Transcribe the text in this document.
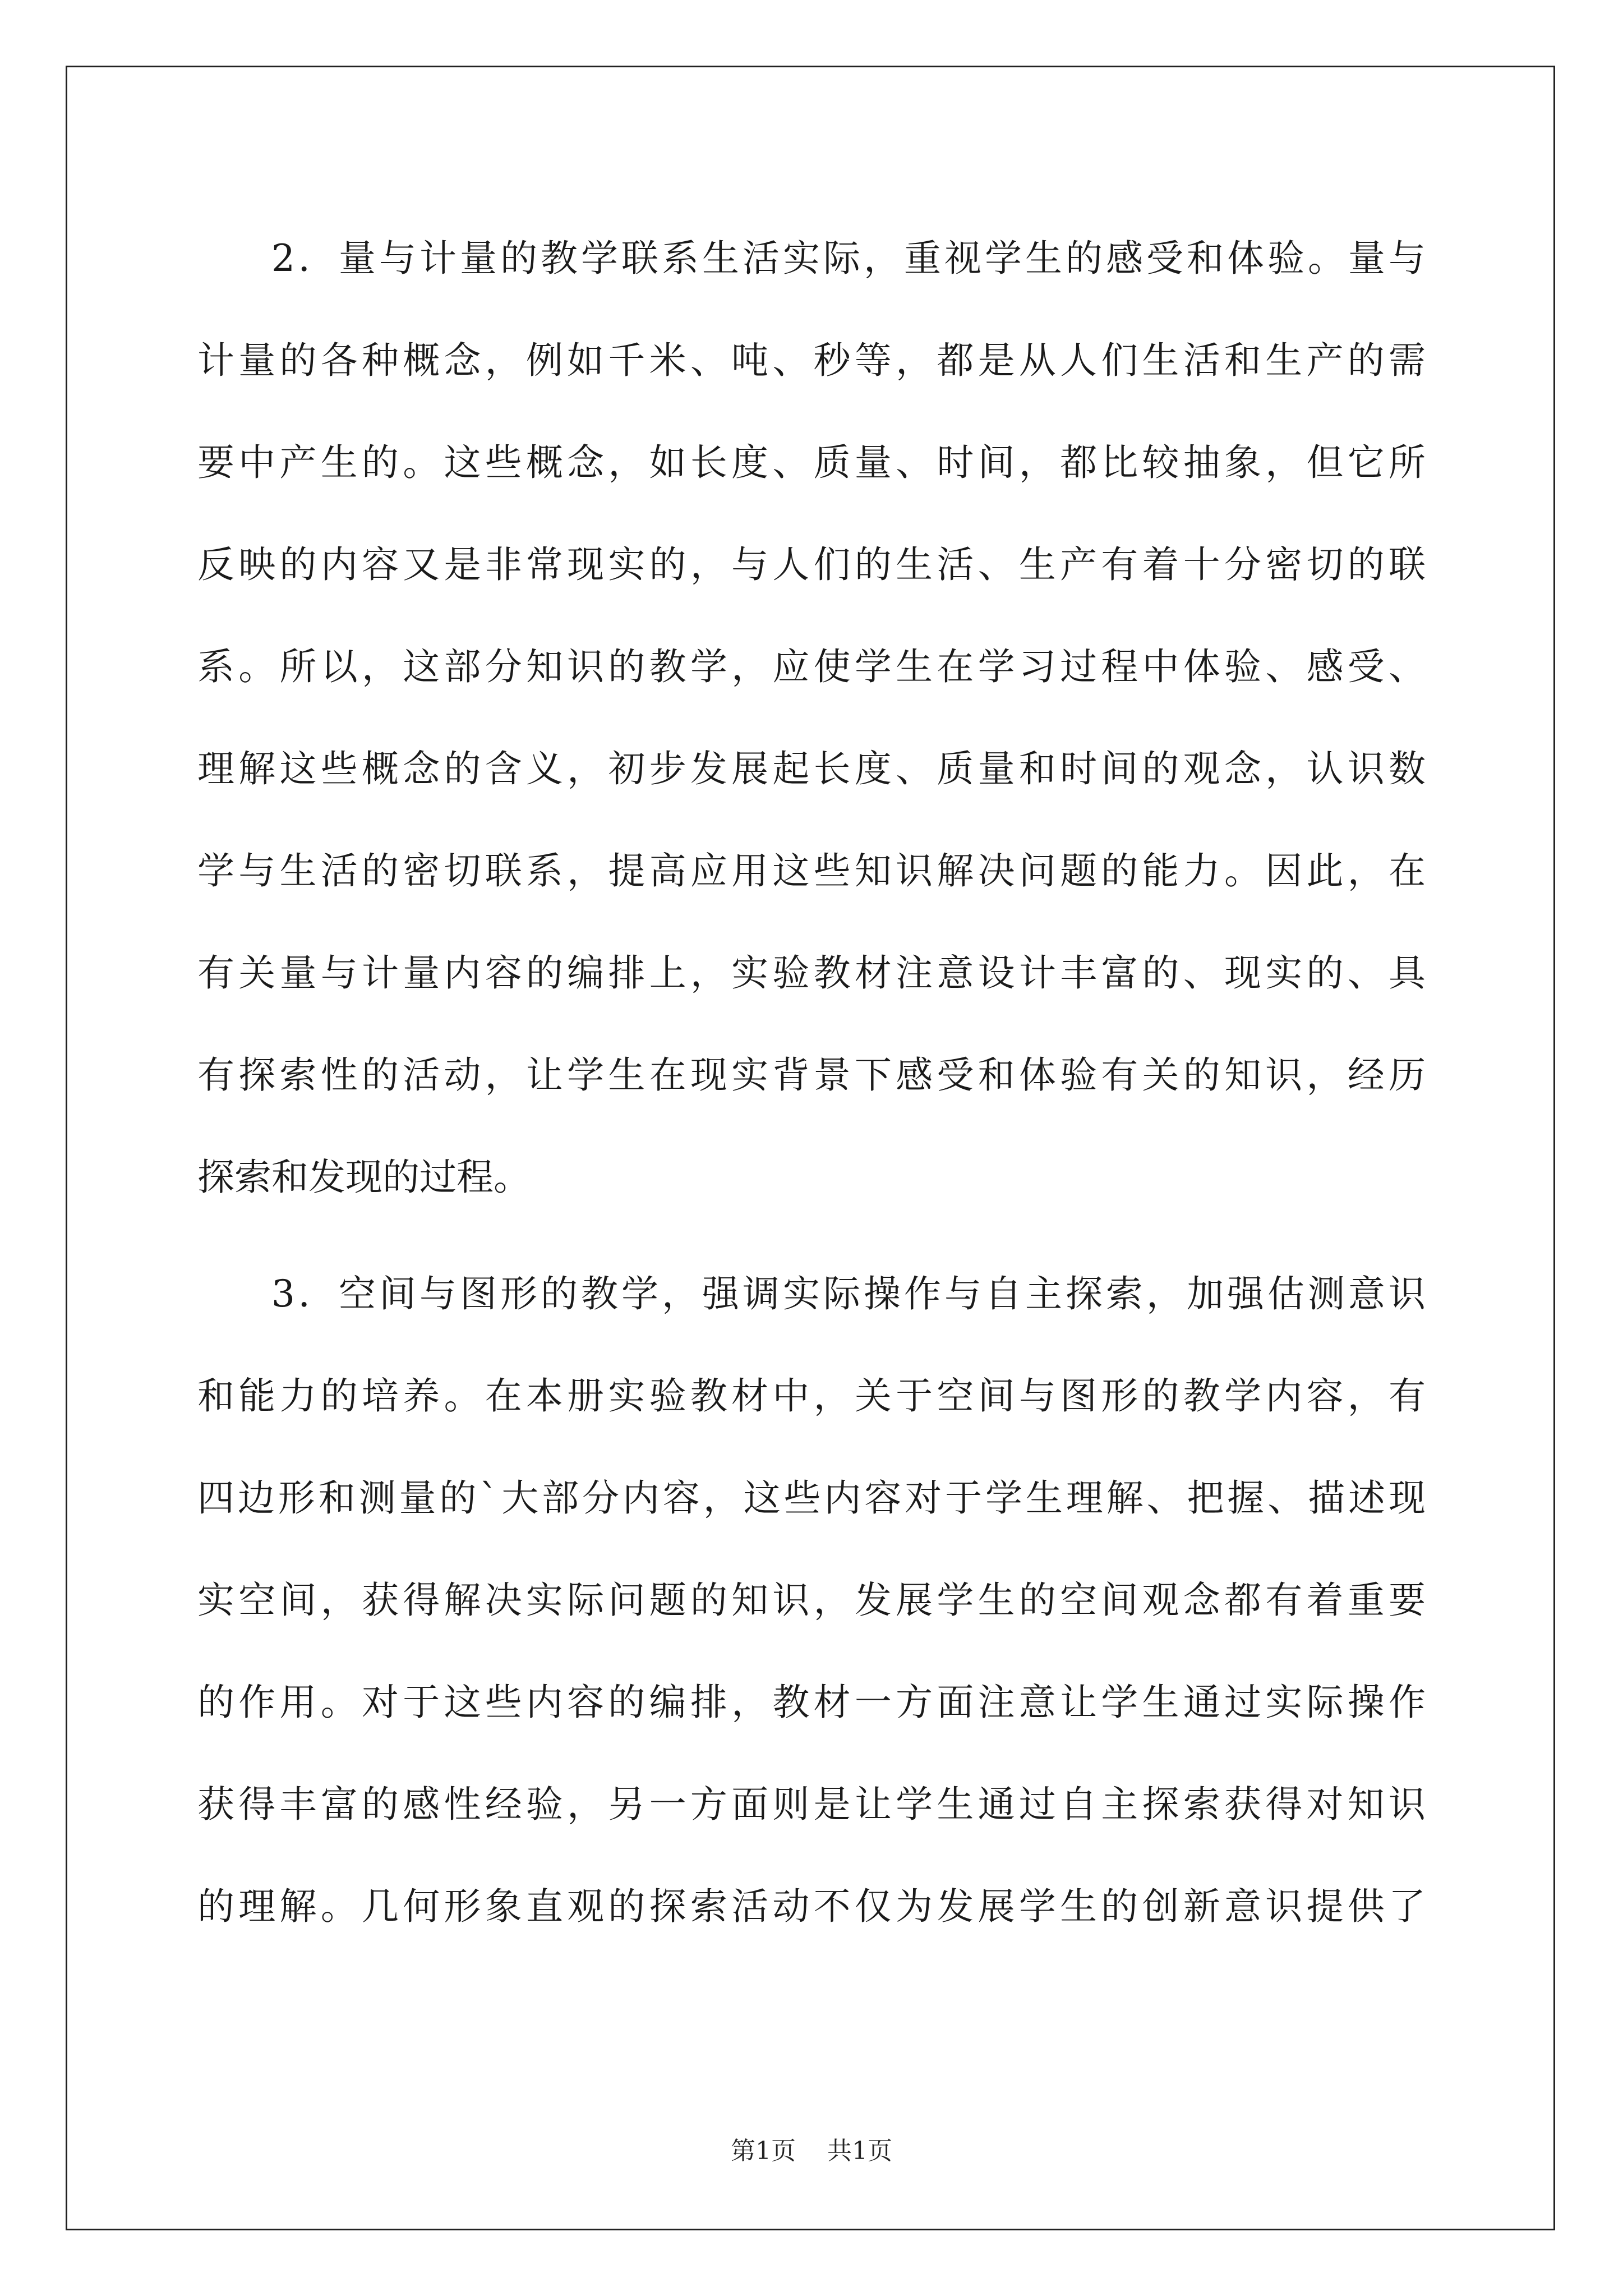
2．量与计量的教学联系生活实际，重视学生的感受和体验。量与
计量的各种概念，例如千米、吨、秒等，都是从人们生活和生产的需
要中产生的。这些概念，如长度、质量、时间，都比较抽象，但它所
反映的内容又是非常现实的，与人们的生活、生产有着十分密切的联
系。所以，这部分知识的教学，应使学生在学习过程中体验、感受、
理解这些概念的含义，初步发展起长度、质量和时间的观念，认识数
学与生活的密切联系，提高应用这些知识解决问题的能力。因此，在
有关量与计量内容的编排上，实验教材注意设计丰富的、现实的、具
有探索性的活动，让学生在现实背景下感受和体验有关的知识，经历
探索和发现的过程。
3．空间与图形的教学，强调实际操作与自主探索，加强估测意识
和能力的培养。在本册实验教材中，关于空间与图形的教学内容，有
四边形和测量的`大部分内容，这些内容对于学生理解、把握、描述现
实空间，获得解决实际问题的知识，发展学生的空间观念都有着重要
的作用。对于这些内容的编排，教材一方面注意让学生通过实际操作
获得丰富的感性经验，另一方面则是让学生通过自主探索获得对知识
的理解。几何形象直观的探索活动不仅为发展学生的创新意识提供了
第1页 共1页
